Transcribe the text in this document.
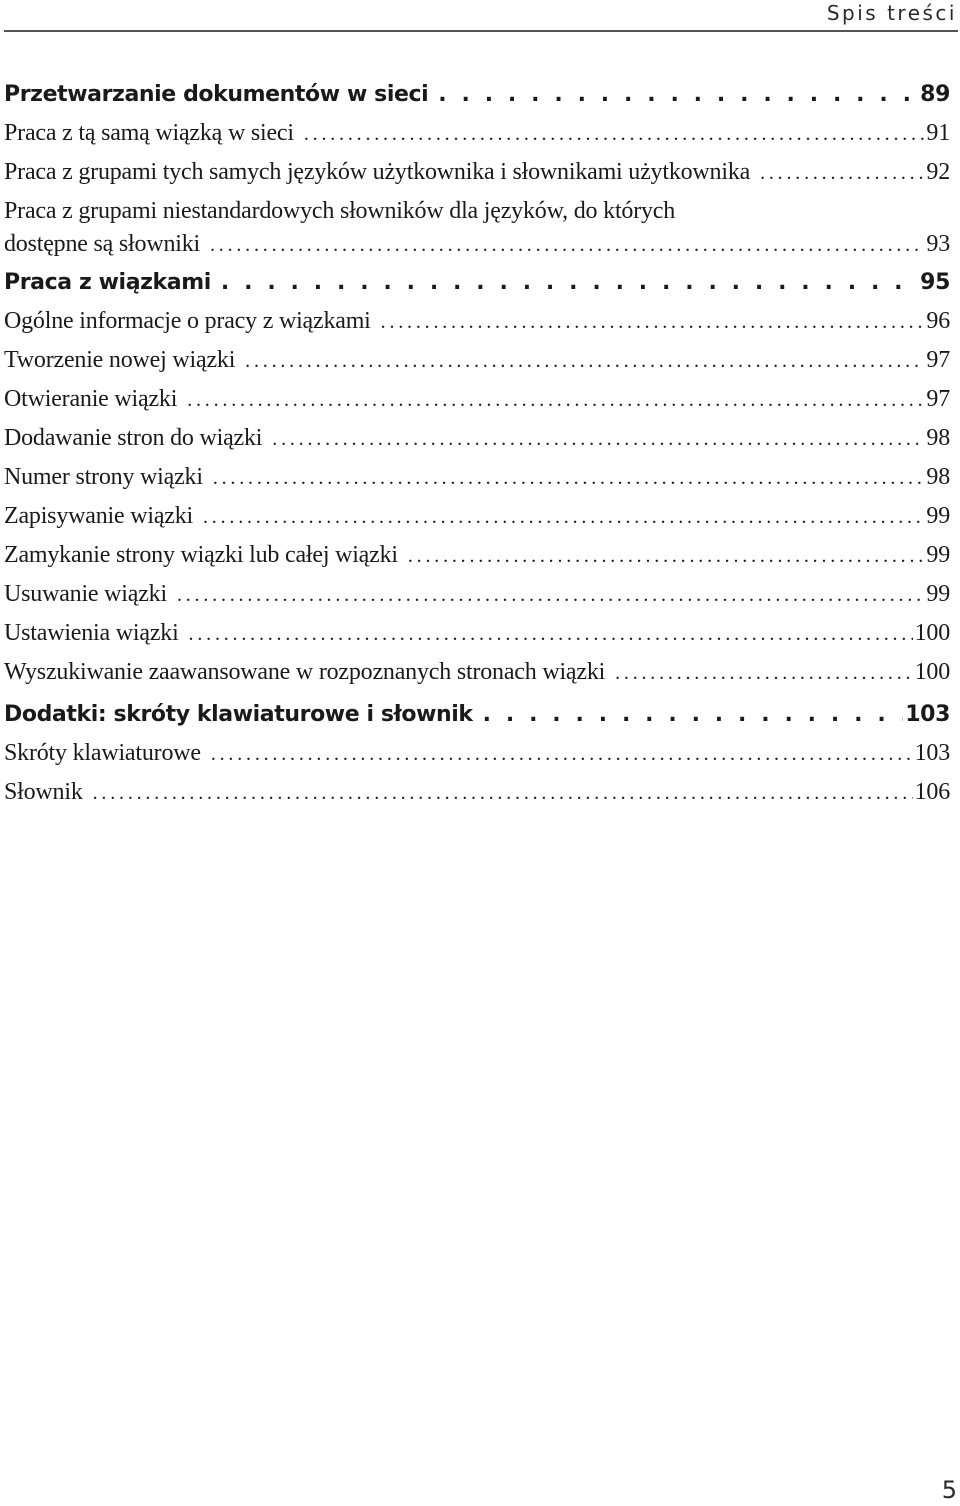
Spis treści
Przetwarzanie dokumentów w sieci . . .	89
Praca z tą samą wiązką w sieci . . .	91
Praca z grupami tych samych języków użytkownika i słownikami użytkownika . . .	92
Praca z grupami niestandardowych słowników dla języków, do których
dostępne są słowniki . . .	93
Praca z wiązkami . . .	95
Ogólne informacje o pracy z wiązkami . . .	96
Tworzenie nowej wiązki . . .	97
Otwieranie wiązki . . .	97
Dodawanie stron do wiązki . . .	98
Numer strony wiązki . . .	98
Zapisywanie wiązki . . .	99
Zamykanie strony wiązki lub całej wiązki . . .	99
Usuwanie wiązki . . .	99
Ustawienia wiązki . . .	100
Wyszukiwanie zaawansowane w rozpoznanych stronach wiązki . . .	100
Dodatki: skróty klawiaturowe i słownik . . .	103
Skróty klawiaturowe . . .	103
Słownik . . .	106
5
